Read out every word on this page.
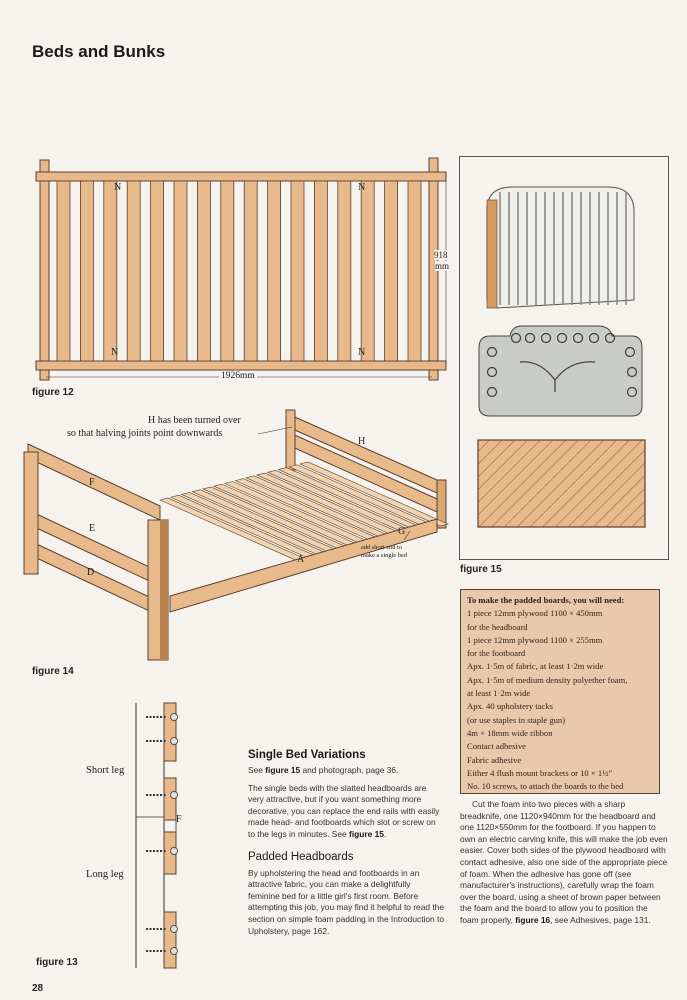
Beds and Bunks
N	N
N	N
918
mm
1926mm
figure 12
figure 15
H has been turned over
so that halving joints point downwards
F
E
D
A
H
G
add short end to
make a single bed
figure 14
Short leg
Long leg
F
figure 13
To make the padded boards, you will need:
1 piece 12mm plywood 1100 × 450mm
for the headboard
1 piece 12mm plywood 1100 × 255mm
for the footboard
Apx. 1·5m of fabric, at least 1·2m wide
Apx. 1·5m of medium density polyether foam,
at least 1·2m wide
Apx. 40 upholstery tacks
(or use staples in staple gun)
4m × 18mm wide ribbon
Contact adhesive
Fabric adhesive
Either 4 flush mount brackets or 10 × 1½″
No. 10 screws, to attach the boards to the bed
Single Bed Variations
See figure 15 and photograph, page 36.
The single beds with the slatted headboards are very attractive, but if you want something more decorative, you can replace the end rails with easily made head- and footboards which slot or screw on to the legs in minutes. See figure 15.
Padded Headboards
By upholstering the head and footboards in an attractive fabric, you can make a delightfully feminine bed for a little girl's first room. Before attempting this job, you may find it helpful to read the section on simple foam padding in the Introduction to Upholstery, page 162.
Cut the foam into two pieces with a sharp breadknife, one 1120×940mm for the headboard and one 1120×550mm for the footboard. If you happen to own an electric carving knife, this will make the job even easier. Cover both sides of the plywood headboard with contact adhesive, also one side of the appropriate piece of foam. When the adhesive has gone off (see manufacturer's instructions), carefully wrap the foam over the board, using a sheet of brown paper between the foam and the board to allow you to position the foam properly, figure 16, see Adhesives, page 131.
28
